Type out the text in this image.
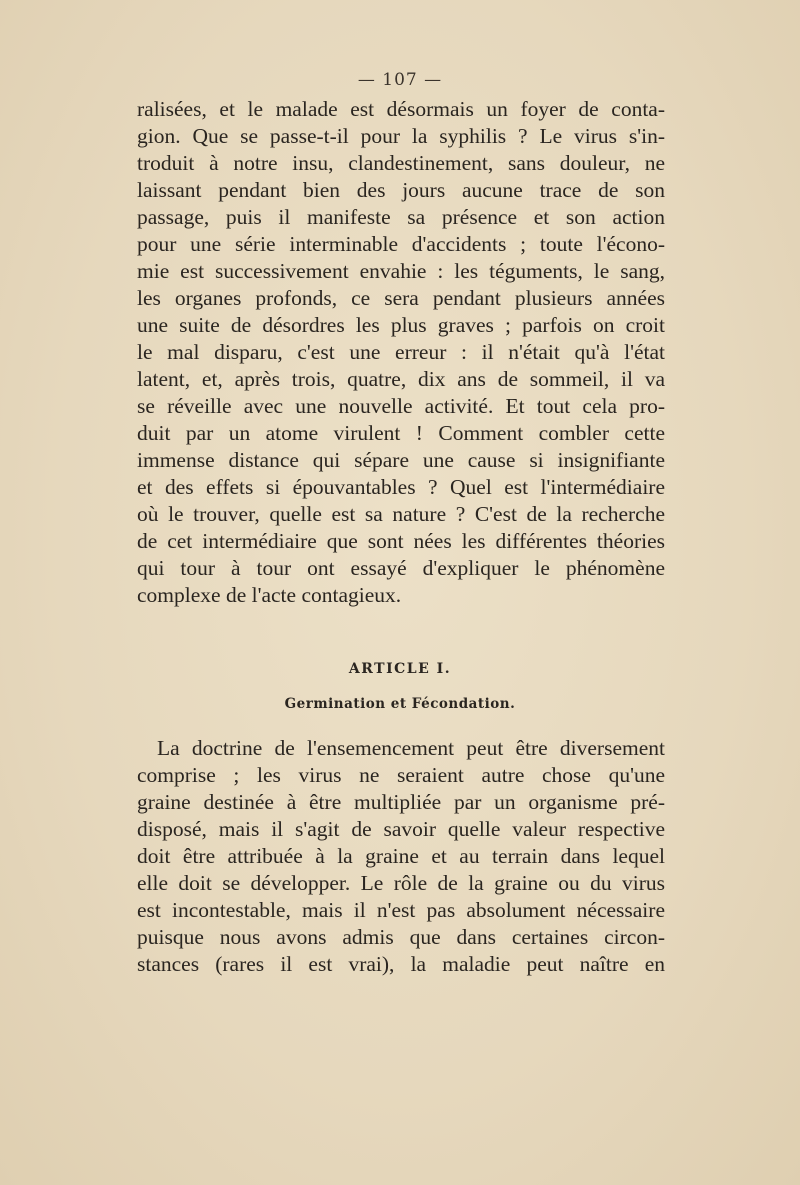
— 107 —
ralisées, et le malade est désormais un foyer de conta-
gion. Que se passe-t-il pour la syphilis ? Le virus s'in-
troduit à notre insu, clandestinement, sans douleur, ne
laissant pendant bien des jours aucune trace de son
passage, puis il manifeste sa présence et son action
pour une série interminable d'accidents ; toute l'écono-
mie est successivement envahie : les téguments, le sang,
les organes profonds, ce sera pendant plusieurs années
une suite de désordres les plus graves ; parfois on croit
le mal disparu, c'est une erreur : il n'était qu'à l'état
latent, et, après trois, quatre, dix ans de sommeil, il va
se réveille avec une nouvelle activité. Et tout cela pro-
duit par un atome virulent ! Comment combler cette
immense distance qui sépare une cause si insignifiante
et des effets si épouvantables ? Quel est l'intermédiaire
où le trouver, quelle est sa nature ? C'est de la recherche
de cet intermédiaire que sont nées les différentes théories
qui tour à tour ont essayé d'expliquer le phénomène
complexe de l'acte contagieux.
ARTICLE I.
Germination et Fécondation.
La doctrine de l'ensemencement peut être diversement
comprise ; les virus ne seraient autre chose qu'une
graine destinée à être multipliée par un organisme pré-
disposé, mais il s'agit de savoir quelle valeur respective
doit être attribuée à la graine et au terrain dans lequel
elle doit se développer. Le rôle de la graine ou du virus
est incontestable, mais il n'est pas absolument nécessaire
puisque nous avons admis que dans certaines circon-
stances (rares il est vrai), la maladie peut naître en
